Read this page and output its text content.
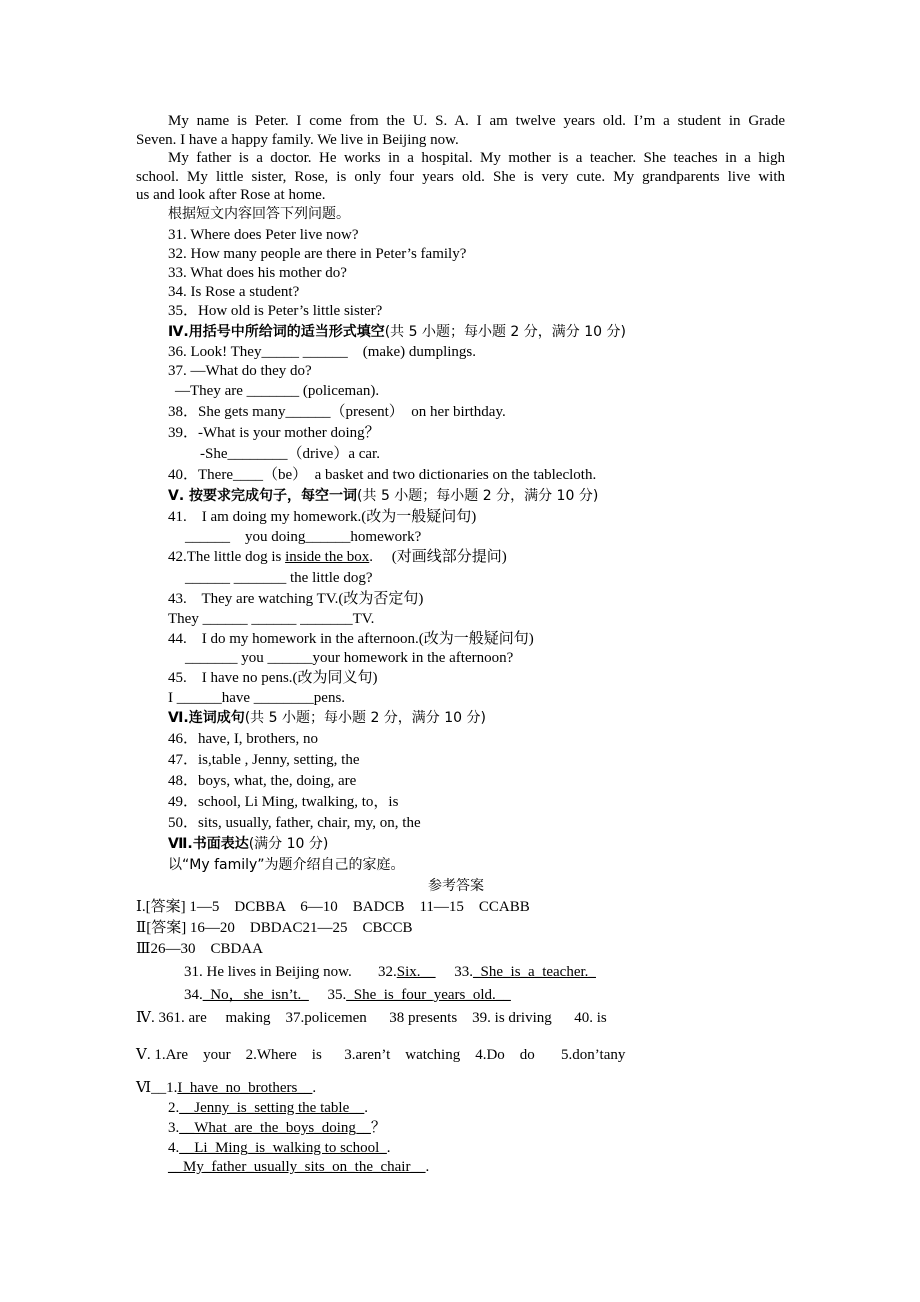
My name is Peter. I come from the U. S. A. I am twelve years old. I’m a student in Grade
Seven. I have a happy family. We live in Beijing now.
My father is a doctor. He works in a hospital. My mother is a teacher. She teaches in a high
school. My little sister, Rose, is only four years old. She is very cute. My grandparents live with
us and look after Rose at home.
根据短文内容回答下列问题。
31. Where does Peter live now?
32. How many people are there in Peter’s family?
33. What does his mother do?
34. Is Rose a student?
35．How old is Peter’s little sister?
Ⅳ.用括号中所给词的适当形式填空(共 5 小题；每小题 2 分，满分 10 分)
36. Look! They_____ ______    (make) dumplings.
37. —What do they do?
—They are _______ (policeman).
38．She gets many______（present）  on her birthday.
39．-What is your mother doing？
-She________（drive）a car.
40．There____（be）  a basket and two dictionaries on the tablecloth.
Ⅴ. 按要求完成句子，每空一词(共 5 小题；每小题 2 分，满分 10 分)
41.    I am doing my homework.(改为一般疑问句)
______    you doing______homework?
42.The little dog is inside the box.     (对画线部分提问)
______ _______ the little dog?
43.    They are watching TV.(改为否定句)
They ______ ______ _______TV.
44.    I do my homework in the afternoon.(改为一般疑问句)
_______ you ______your homework in the afternoon?
45.    I have no pens.(改为同义句)
I ______have ________pens.
Ⅵ.连词成句(共 5 小题；每小题 2 分，满分 10 分)
46．have, I, brothers, no
47．is,table , Jenny, setting, the
48．boys, what, the, doing, are
49．school, Li Ming, twalking, to，is
50．sits, usually, father, chair, my, on, the
Ⅶ.书面表达(满分 10 分)
以“My family”为题介绍自己的家庭。
参考答案
Ⅰ.[答案] 1—5    DCBBA    6—10    BADCB    11—15    CCABB
Ⅱ[答案] 16—20    DBDAC21—25    CBCCB
Ⅲ26—30    CBDAA
31. He lives in Beijing now.       32.Six.__     33._She_is_a_teacher._
34._No，she_isn’t._     35._She_is_four_years_old.__
Ⅳ. 361. are     making    37.policemen      38 presents    39. is driving      40. is
Ⅴ. 1.Are    your    2.Where    is      3.aren’t    watching    4.Do    do       5.don’tany
Ⅵ__1.I_have_no_brothers__.
2.__Jenny_is_setting the table__.
3.__What_are_the_boys_doing__？
4.__Li_Ming_is_walking to school_.
__My_father_usually_sits_on_the_chair__.
